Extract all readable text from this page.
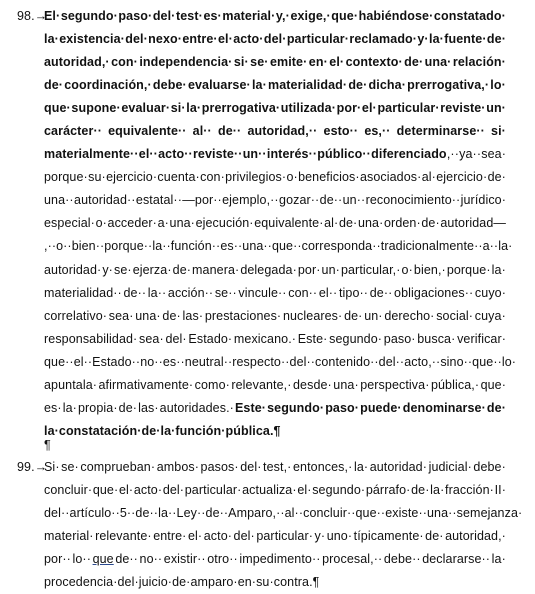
98.→
El· segundo· paso· del· test· es· material· y,· exige,· que· habiéndose· constatado·
la· existencia· del· nexo· entre· el· acto· del· particular· reclamado· y· la· fuente· de·
autoridad,· con· independencia· si· se· emite· en· el· contexto· de· una· relación·
de· coordinación,· debe· evaluarse· la· materialidad· de· dicha· prerrogativa,· lo·
que· supone· evaluar· si· la· prerrogativa· utilizada· por· el· particular· reviste· un·
carácter·· equivalente·· al·· de·· autoridad,·· esto·· es,·· determinarse·· si·
materialmente·· el·· acto·· reviste·· un·· interés·· público·· diferenciado ,·· ya·· sea·
porque· su· ejercicio· cuenta· con· privilegios· o· beneficios· asociados· al· ejercicio· de·
una·· autoridad·· estatal·· —por·· ejemplo,·· gozar·· de·· un·· reconocimiento·· jurídico·
especial· o· acceder· a· una· ejecución· equivalente· al· de· una· orden· de· autoridad—
,·· o·· bien·· porque·· la·· función·· es·· una·· que·· corresponda·· tradicionalmente·· a·· la·
autoridad· y· se· ejerza· de· manera· delegada· por· un· particular,· o· bien,· porque· la·
materialidad·· de·· la·· acción·· se·· vincule·· con·· el·· tipo·· de·· obligaciones·· cuyo·
correlativo· sea· una· de· las· prestaciones· nucleares· de· un· derecho· social· cuya·
responsabilidad· sea· del· Estado· mexicano.· Este· segundo· paso· busca· verificar·
que·· el·· Estado·· no·· es·· neutral·· respecto·· del·· contenido·· del·· acto,·· sino·· que·· lo·
apuntala· afirmativamente· como· relevante,· desde· una· perspectiva· pública,· que·
es· la· propia· de· las· autoridades.· Este· segundo· paso· puede· denominarse· de·
la· constatación· de· la· función· pública.¶
¶
99.→
Si· se· comprueban· ambos· pasos· del· test,· entonces,· la· autoridad· judicial· debe·
concluir· que· el· acto· del· particular· actualiza· el· segundo· párrafo· de· la· fracción· II·
del·· artículo·· 5·· de·· la·· Ley·· de·· Amparo,·· al·· concluir·· que·· existe·· una·· semejanza·
material· relevante· entre· el· acto· del· particular· y· uno· típicamente· de· autoridad,·
por·· lo·· que de·· no·· existir·· otro·· impedimento·· procesal,·· debe·· declararse·· la·
procedencia· del· juicio· de· amparo· en· su· contra.¶
